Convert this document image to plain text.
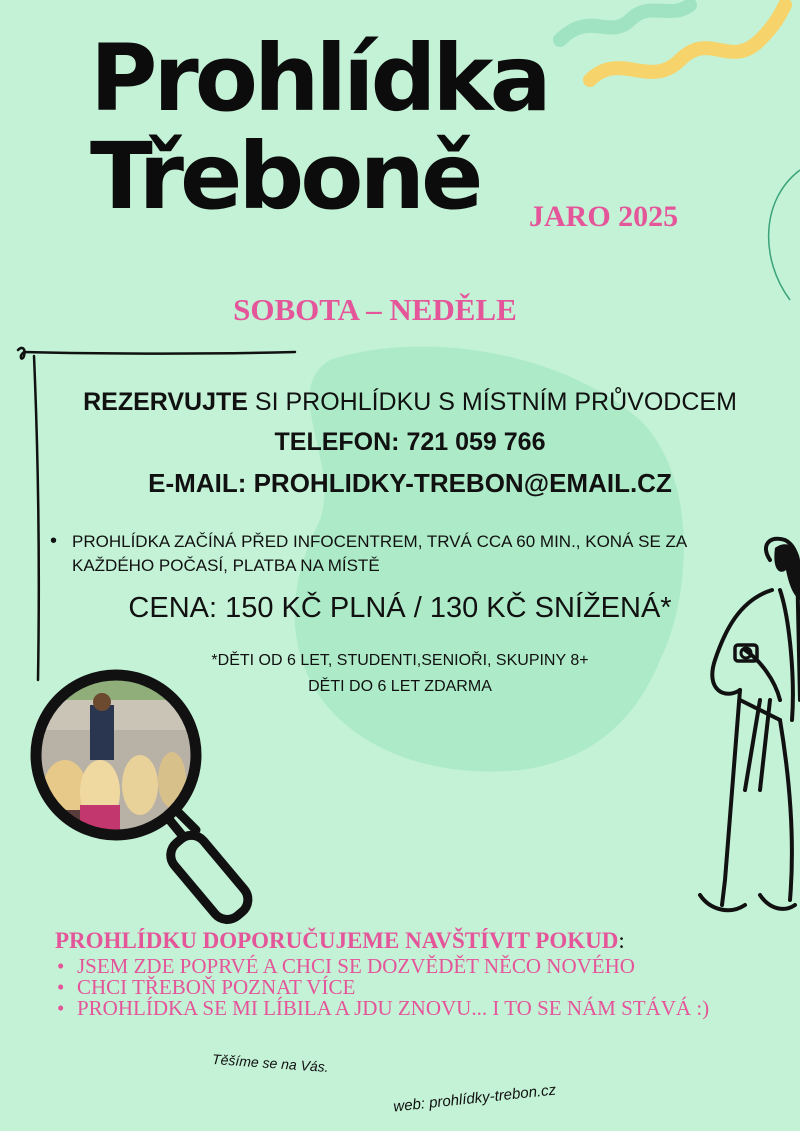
Prohlídka
Třeboně	JARO 2025
SOBOTA – NEDĚLE
REZERVUJTE SI PROHLÍDKU S MÍSTNÍM PRŮVODCEM
TELEFON: 721 059 766
E-MAIL: PROHLIDKY-TREBON@EMAIL.CZ
• PROHLÍDKA ZAČÍNÁ PŘED INFOCENTREM, TRVÁ CCA 60 MIN., KONÁ SE ZA KAŽDÉHO POČASÍ, PLATBA NA MÍSTĚ
CENA: 150 KČ PLNÁ / 130 KČ SNÍŽENÁ*
*DĚTI OD 6 LET, STUDENTI,SENIOŘI, SKUPINY 8+
DĚTI DO 6 LET ZDARMA
PROHLÍDKU DOPORUČUJEME NAVŠTÍVIT POKUD:
• JSEM ZDE POPRVÉ A CHCI SE DOZVĚDĚT NĚCO NOVÉHO
• CHCI TŘEBOŇ POZNAT VÍCE
• PROHLÍDKA SE MI LÍBILA A JDU ZNOVU... I TO SE NÁM STÁVÁ :)
Těšíme se na Vás.
web: prohlídky-trebon.cz
